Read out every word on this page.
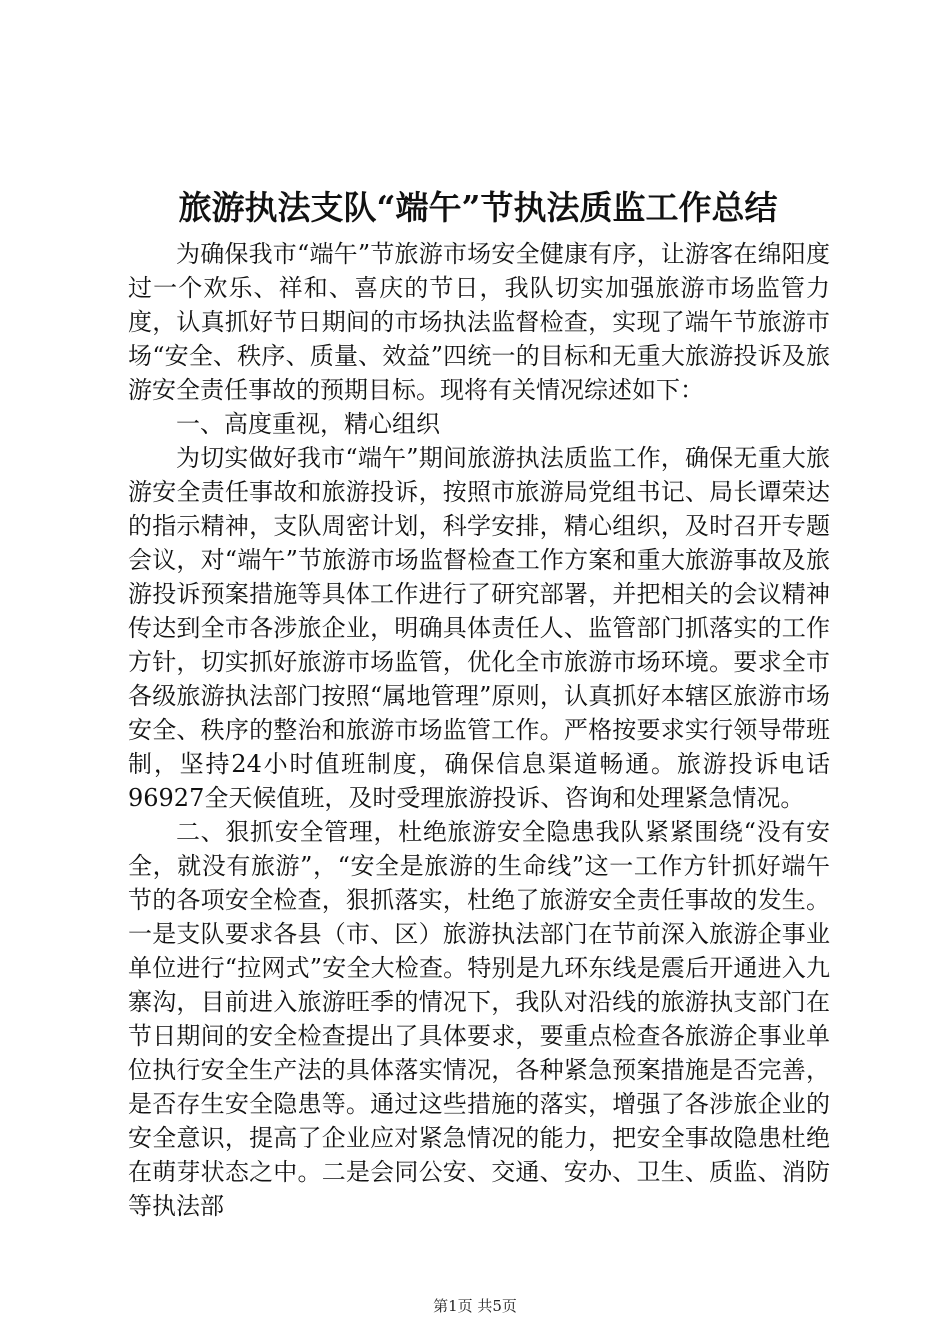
旅游执法支队“端午”节执法质监工作总结

为确保我市“端午”节旅游市场安全健康有序，让游客在绵阳度过一个欢乐、祥和、喜庆的节日，我队切实加强旅游市场监管力度，认真抓好节日期间的市场执法监督检查，实现了端午节旅游市场“安全、秩序、质量、效益”四统一的目标和无重大旅游投诉及旅游安全责任事故的预期目标。现将有关情况综述如下：

一、高度重视，精心组织

为切实做好我市“端午”期间旅游执法质监工作，确保无重大旅游安全责任事故和旅游投诉，按照市旅游局党组书记、局长谭荣达的指示精神，支队周密计划，科学安排，精心组织，及时召开专题会议，对“端午”节旅游市场监督检查工作方案和重大旅游事故及旅游投诉预案措施等具体工作进行了研究部署，并把相关的会议精神传达到全市各涉旅企业，明确具体责任人、监管部门抓落实的工作方针，切实抓好旅游市场监管，优化全市旅游市场环境。要求全市各级旅游执法部门按照“属地管理”原则，认真抓好本辖区旅游市场安全、秩序的整治和旅游市场监管工作。严格按要求实行领导带班制，坚持24小时值班制度，确保信息渠道畅通。旅游投诉电话96927全天候值班，及时受理旅游投诉、咨询和处理紧急情况。

二、狠抓安全管理，杜绝旅游安全隐患我队紧紧围绕“没有安全，就没有旅游”，“安全是旅游的生命线”这一工作方针抓好端午节的各项安全检查，狠抓落实，杜绝了旅游安全责任事故的发生。一是支队要求各县（市、区）旅游执法部门在节前深入旅游企事业单位进行“拉网式”安全大检查。特别是九环东线是震后开通进入九寨沟，目前进入旅游旺季的情况下，我队对沿线的旅游执支部门在节日期间的安全检查提出了具体要求，要重点检查各旅游企事业单位执行安全生产法的具体落实情况，各种紧急预案措施是否完善，是否存生安全隐患等。通过这些措施的落实，增强了各涉旅企业的安全意识，提高了企业应对紧急情况的能力，把安全事故隐患杜绝在萌芽状态之中。二是会同公安、交通、安办、卫生、质监、消防等执法部

第1页 共5页
